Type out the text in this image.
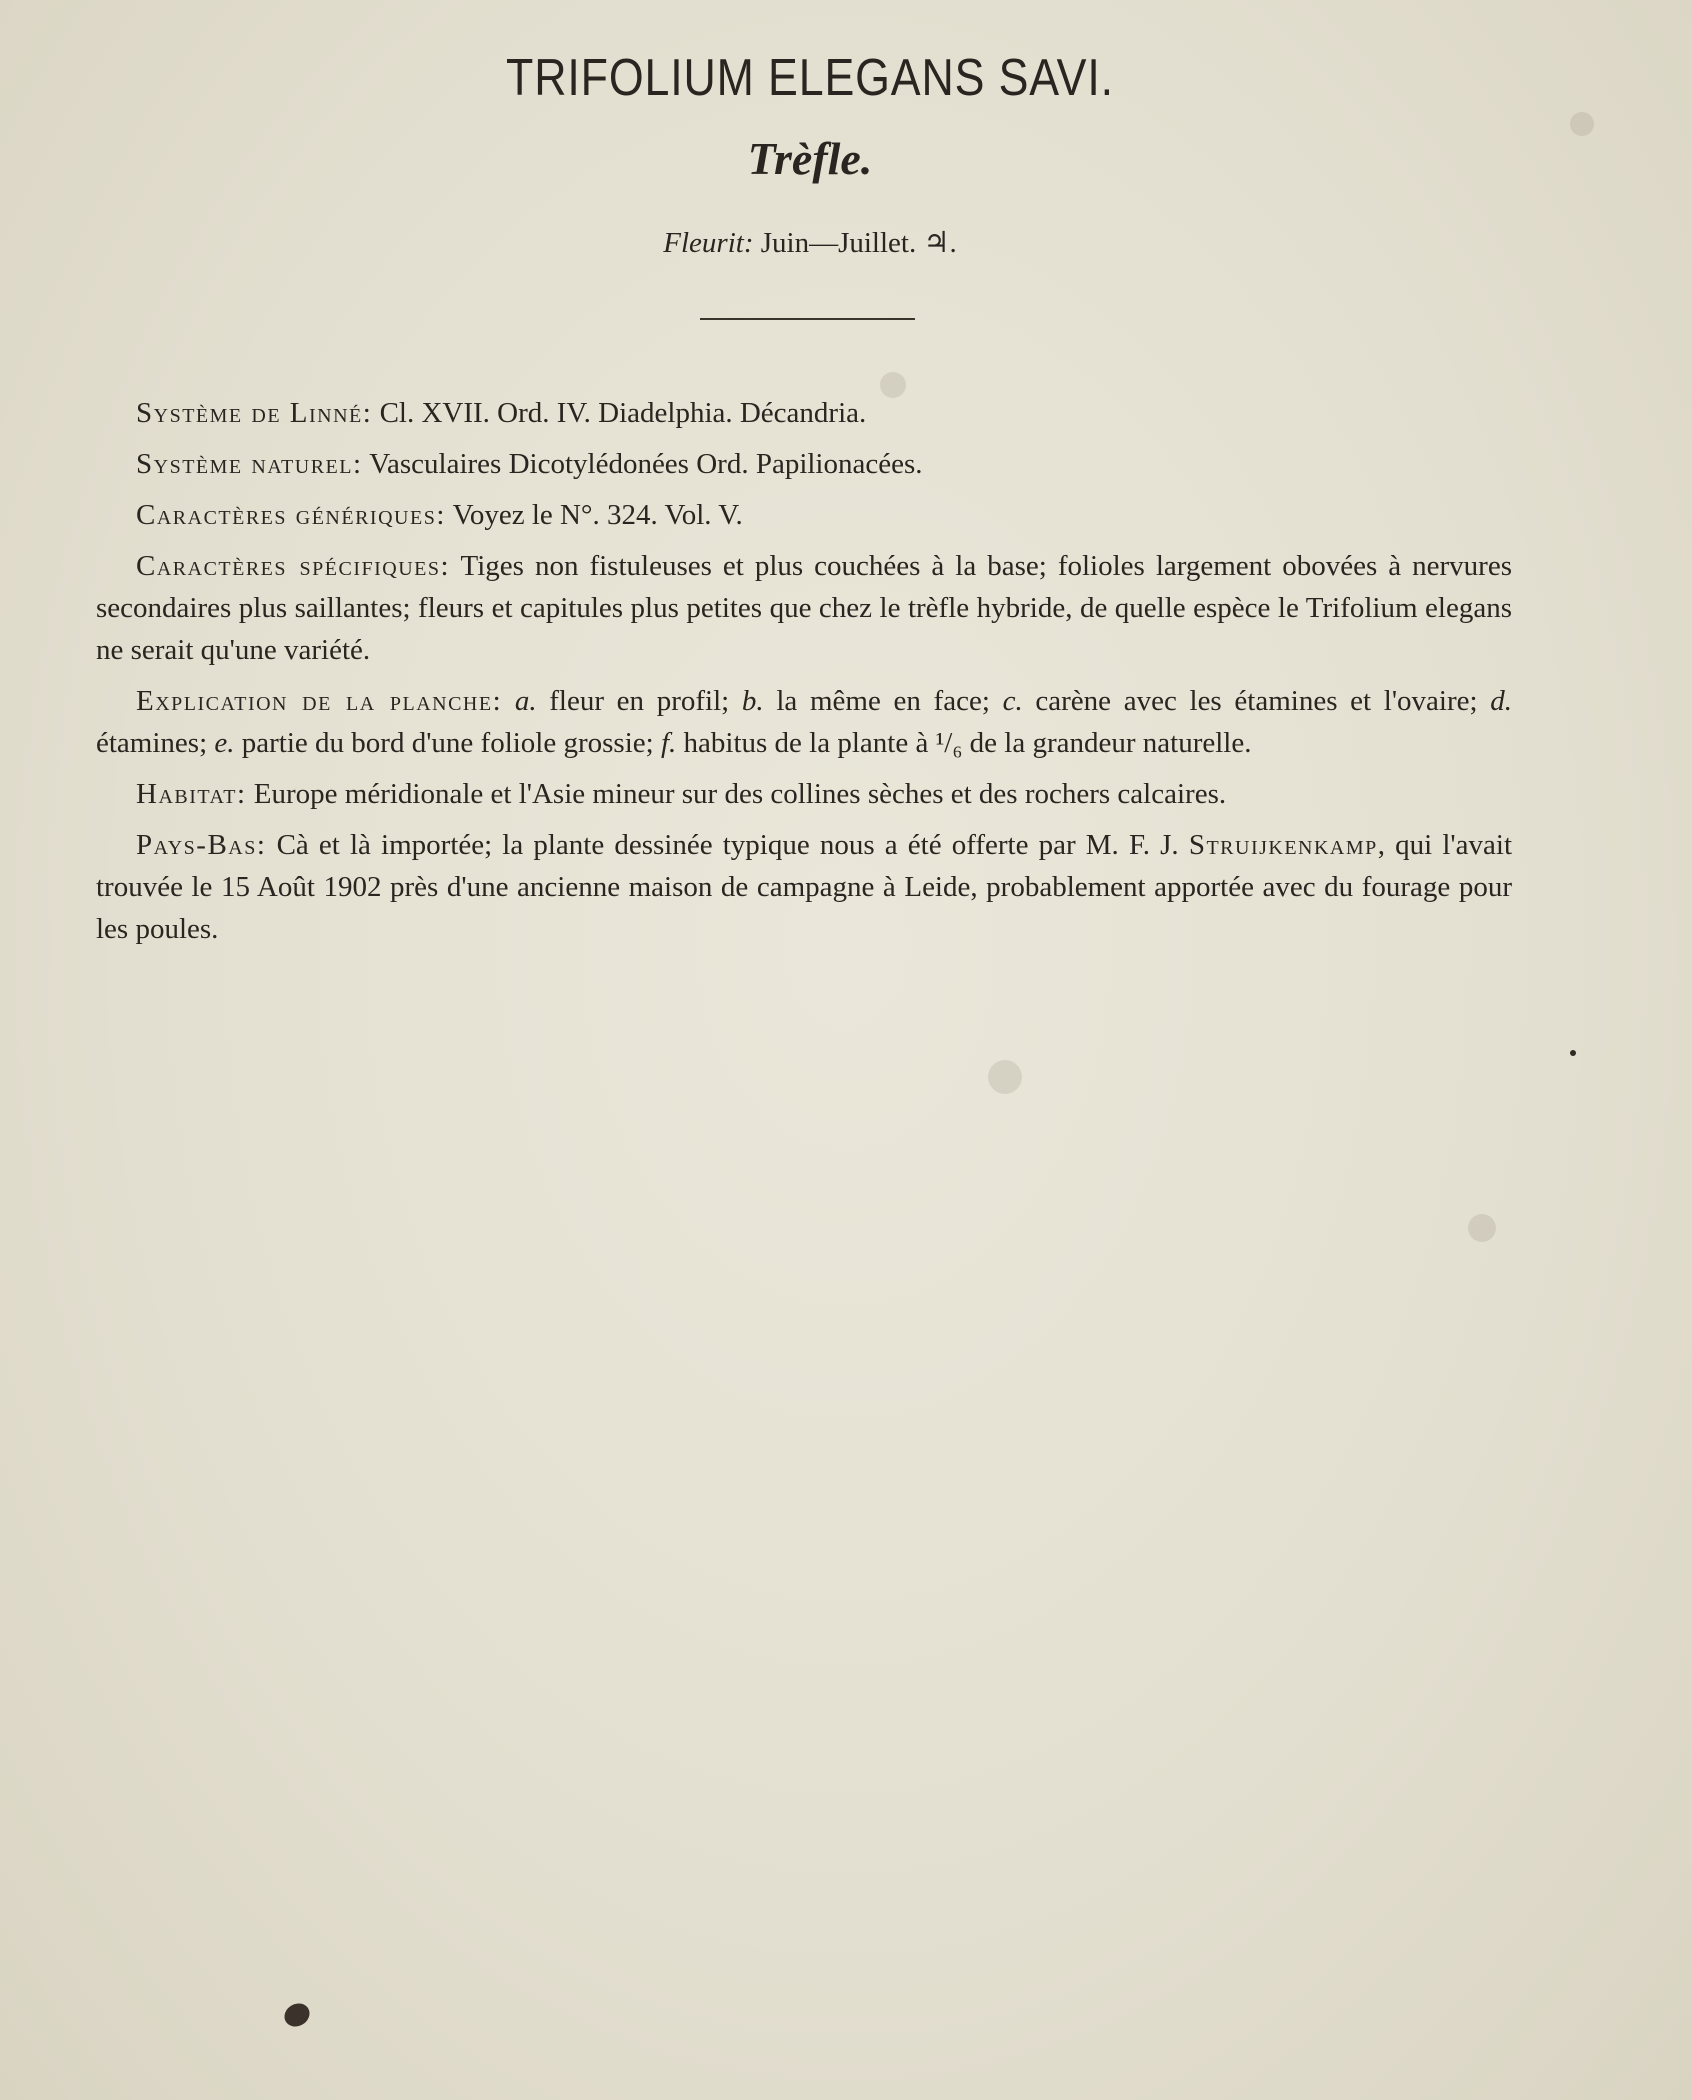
TRIFOLIUM ELEGANS SAVI.
Trèfle.
Fleurit: Juin—Juillet. ♃.

Système de Linné: Cl. XVII. Ord. IV. Diadelphia. Décandria.

Système naturel: Vasculaires Dicotylédonées Ord. Papilionacées.

Caractères génériques: Voyez le N°. 324. Vol. V.

Caractères spécifiques: Tiges non fistuleuses et plus couchées à la base; folioles largement obovées à nervures secondaires plus saillantes; fleurs et capitules plus petites que chez le trèfle hybride, de quelle espèce le Trifolium elegans ne serait qu'une variété.

Explication de la planche: a. fleur en profil; b. la même en face; c. carène avec les étamines et l'ovaire; d. étamines; e. partie du bord d'une foliole grossie; f. habitus de la plante à ¹/₆ de la grandeur naturelle.

Habitat: Europe méridionale et l'Asie mineur sur des collines sèches et des rochers calcaires.

Pays-Bas: Cà et là importée; la plante dessinée typique nous a été offerte par M. F. J. Struijkenkamp, qui l'avait trouvée le 15 Août 1902 près d'une ancienne maison de campagne à Leide, probablement apportée avec du fourage pour les poules.
